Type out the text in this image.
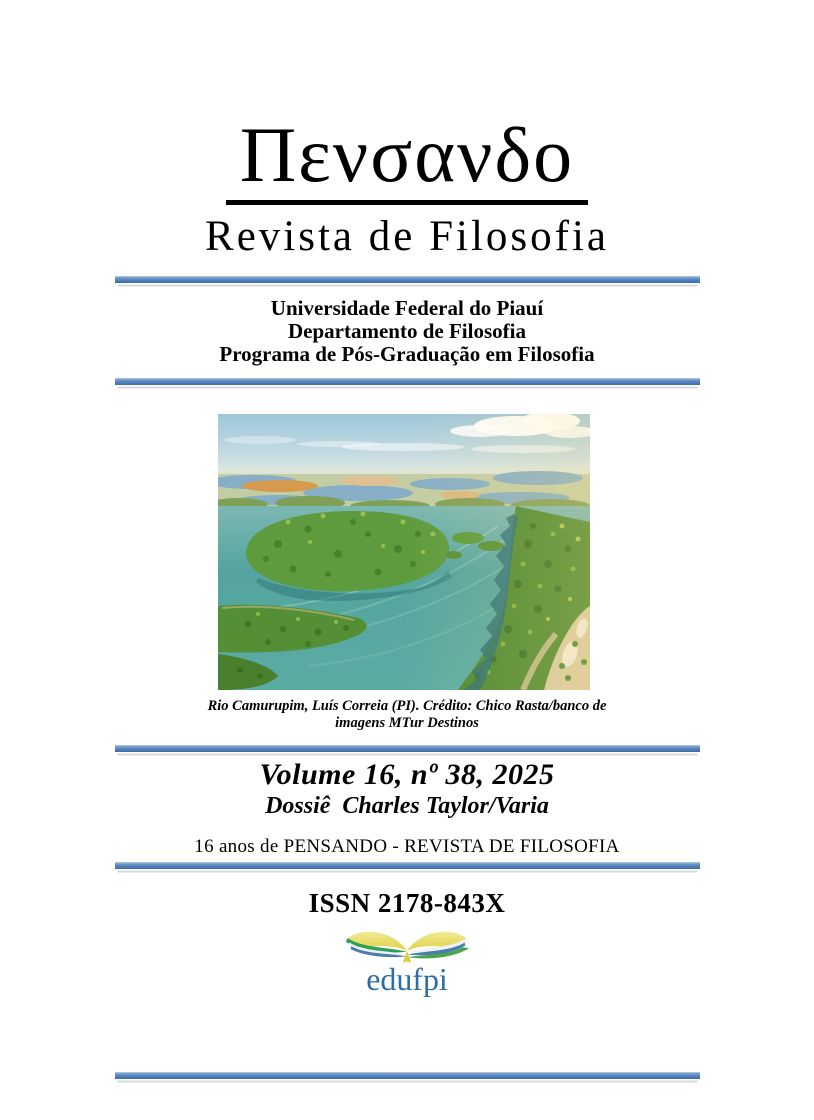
Πενσανδο
Revista de Filosofia
Universidade Federal do Piauí
Departamento de Filosofia
Programa de Pós-Graduação em Filosofia
Rio Camurupim, Luís Correia (PI). Crédito: Chico Rasta/banco de
imagens MTur Destinos
Volume 16, nº 38, 2025
Dossiê  Charles Taylor/Varia
16 anos de PENSANDO - REVISTA DE FILOSOFIA
ISSN 2178-843X
edufpi
